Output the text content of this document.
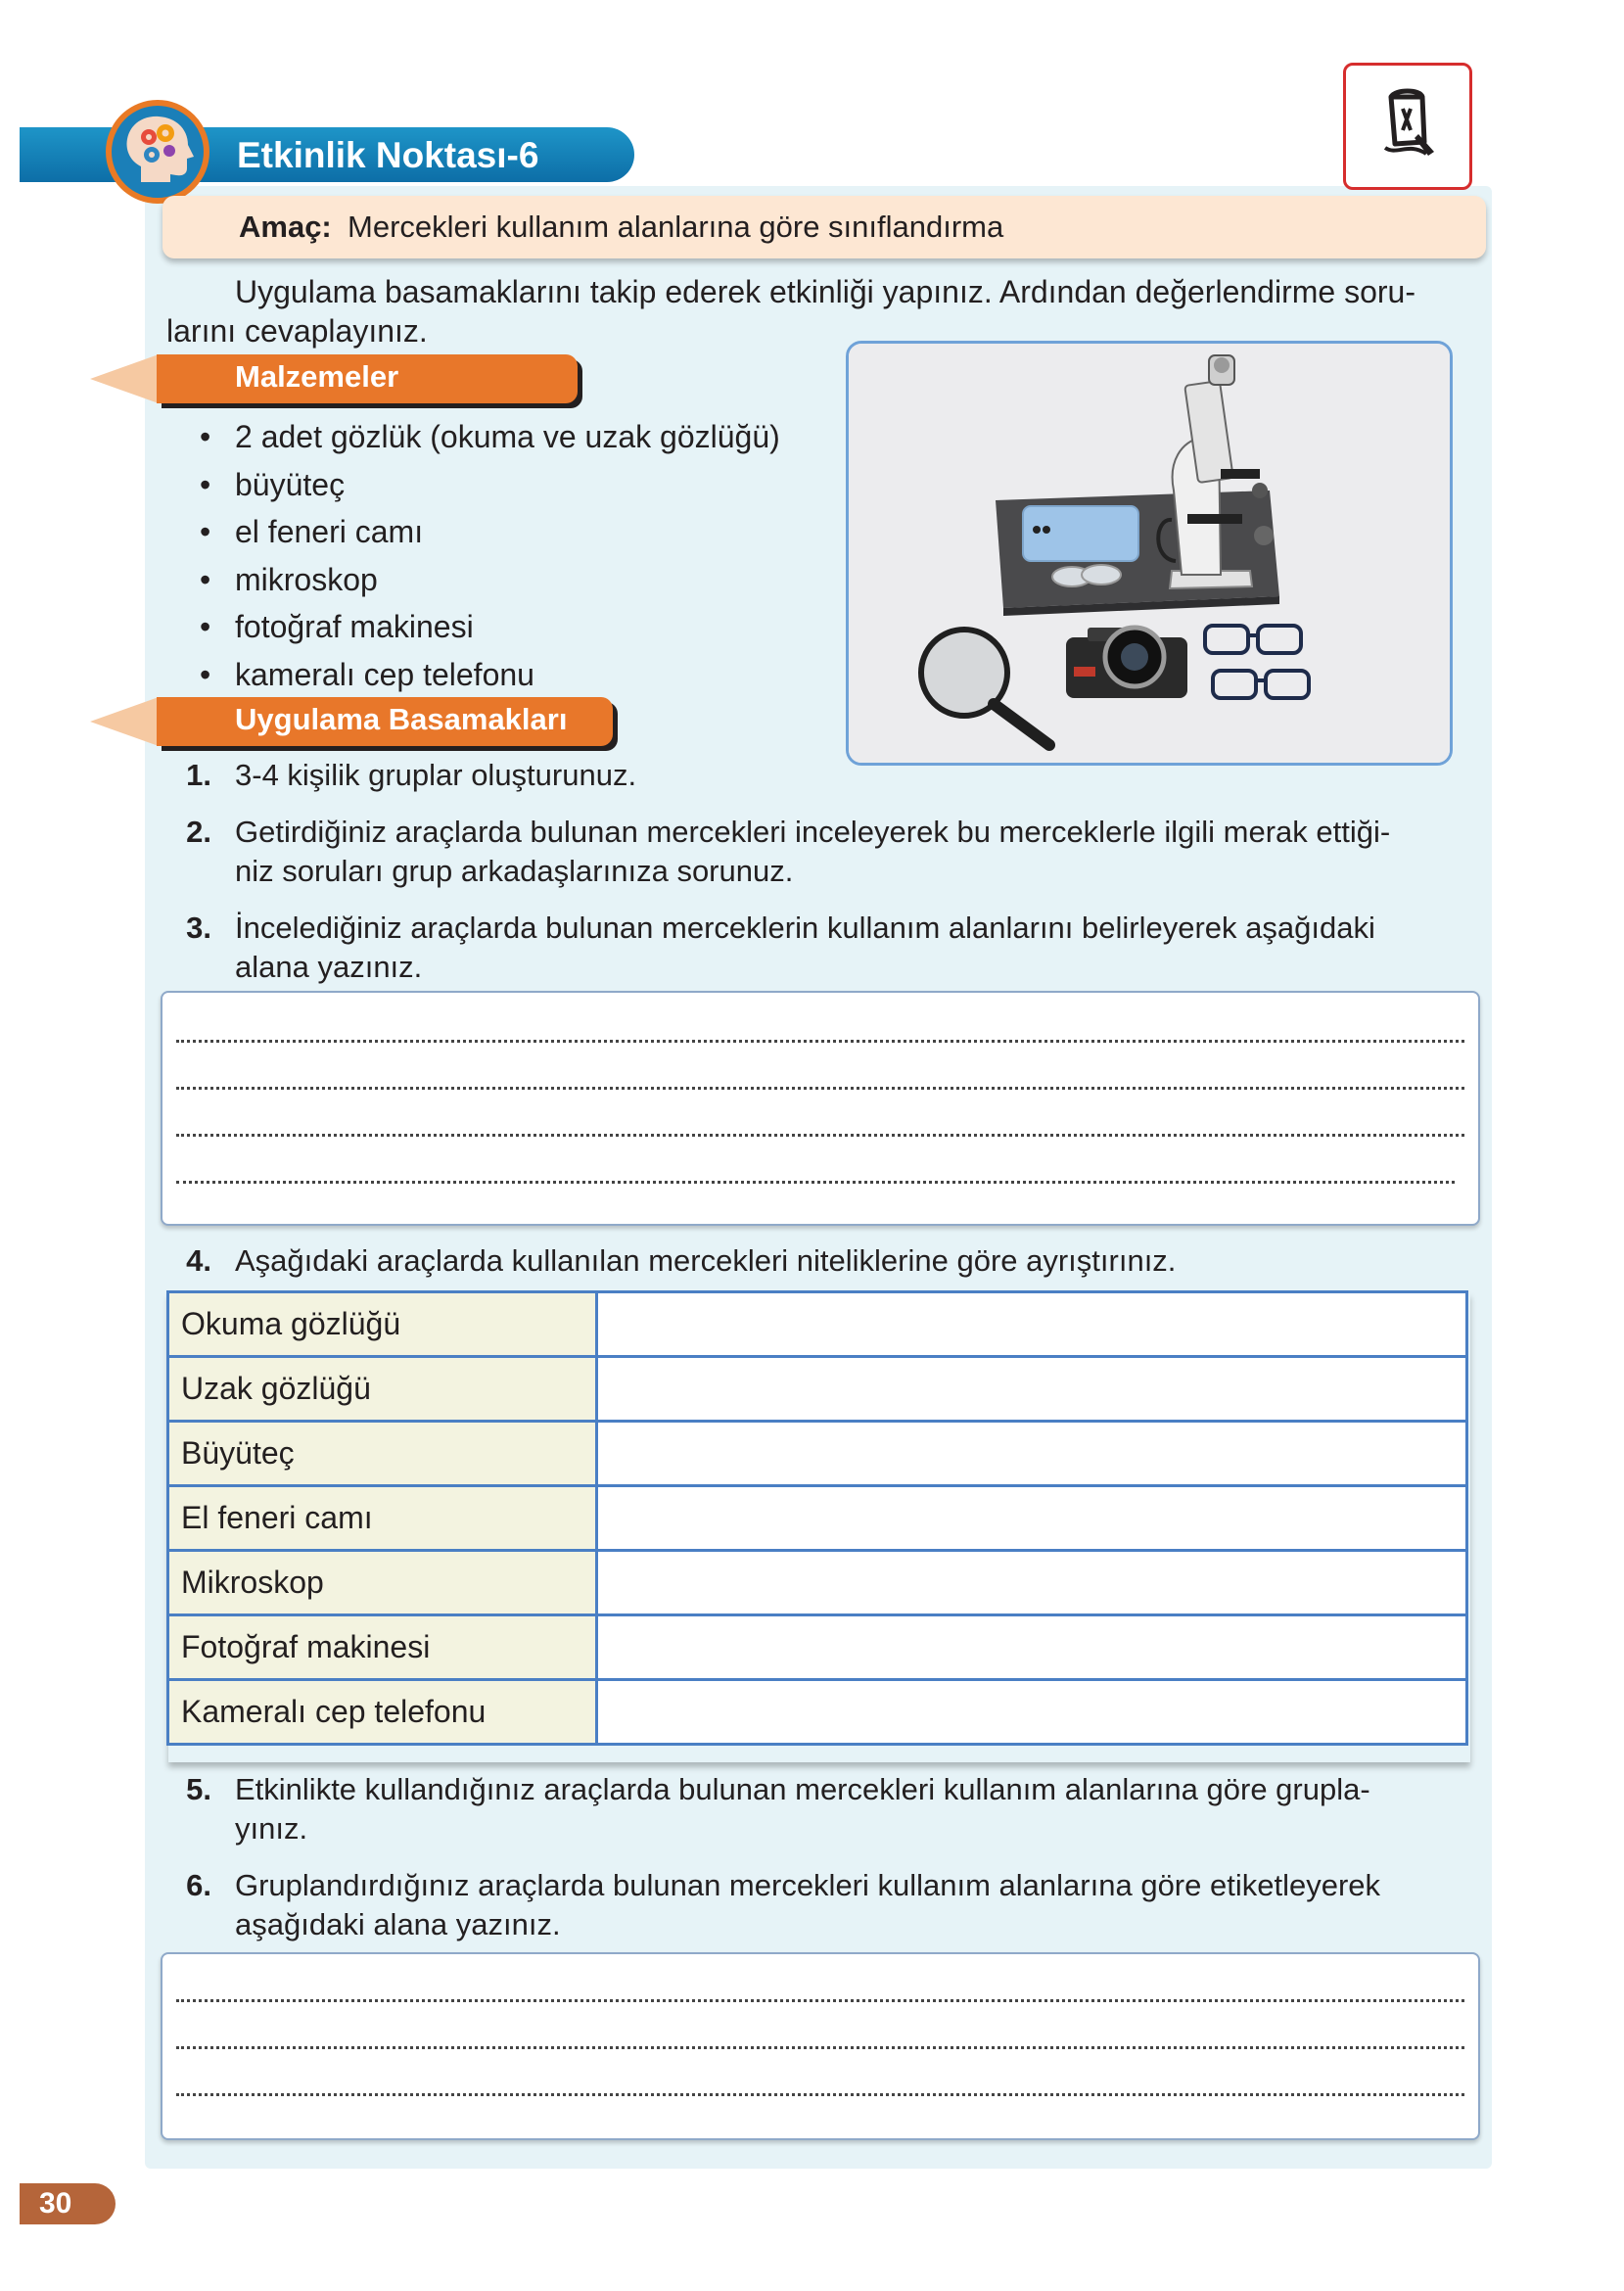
Etkinlik Noktası-6
Amaç: Mercekleri kullanım alanlarına göre sınıflandırma
Uygulama basamaklarını takip ederek etkinliği yapınız. Ardından değerlendirme soru-
larını cevaplayınız.
Malzemeler
• 2 adet gözlük (okuma ve uzak gözlüğü)
• büyüteç
• el feneri camı
• mikroskop
• fotoğraf makinesi
• kameralı cep telefonu
Uygulama Basamakları
1. 3-4 kişilik gruplar oluşturunuz.
2. Getirdiğiniz araçlarda bulunan mercekleri inceleyerek bu merceklerle ilgili merak ettiği-
niz soruları grup arkadaşlarınıza sorunuz.
3. İncelediğiniz araçlarda bulunan merceklerin kullanım alanlarını belirleyerek aşağıdaki
alana yazınız.
4. Aşağıdaki araçlarda kullanılan mercekleri niteliklerine göre ayrıştırınız.
Okuma gözlüğü	
Uzak gözlüğü	
Büyüteç	
El feneri camı	
Mikroskop	
Fotoğraf makinesi	
Kameralı cep telefonu	
5. Etkinlikte kullandığınız araçlarda bulunan mercekleri kullanım alanlarına göre grupla-
yınız.
6. Gruplandırdığınız araçlarda bulunan mercekleri kullanım alanlarına göre etiketleyerek
aşağıdaki alana yazınız.
30
